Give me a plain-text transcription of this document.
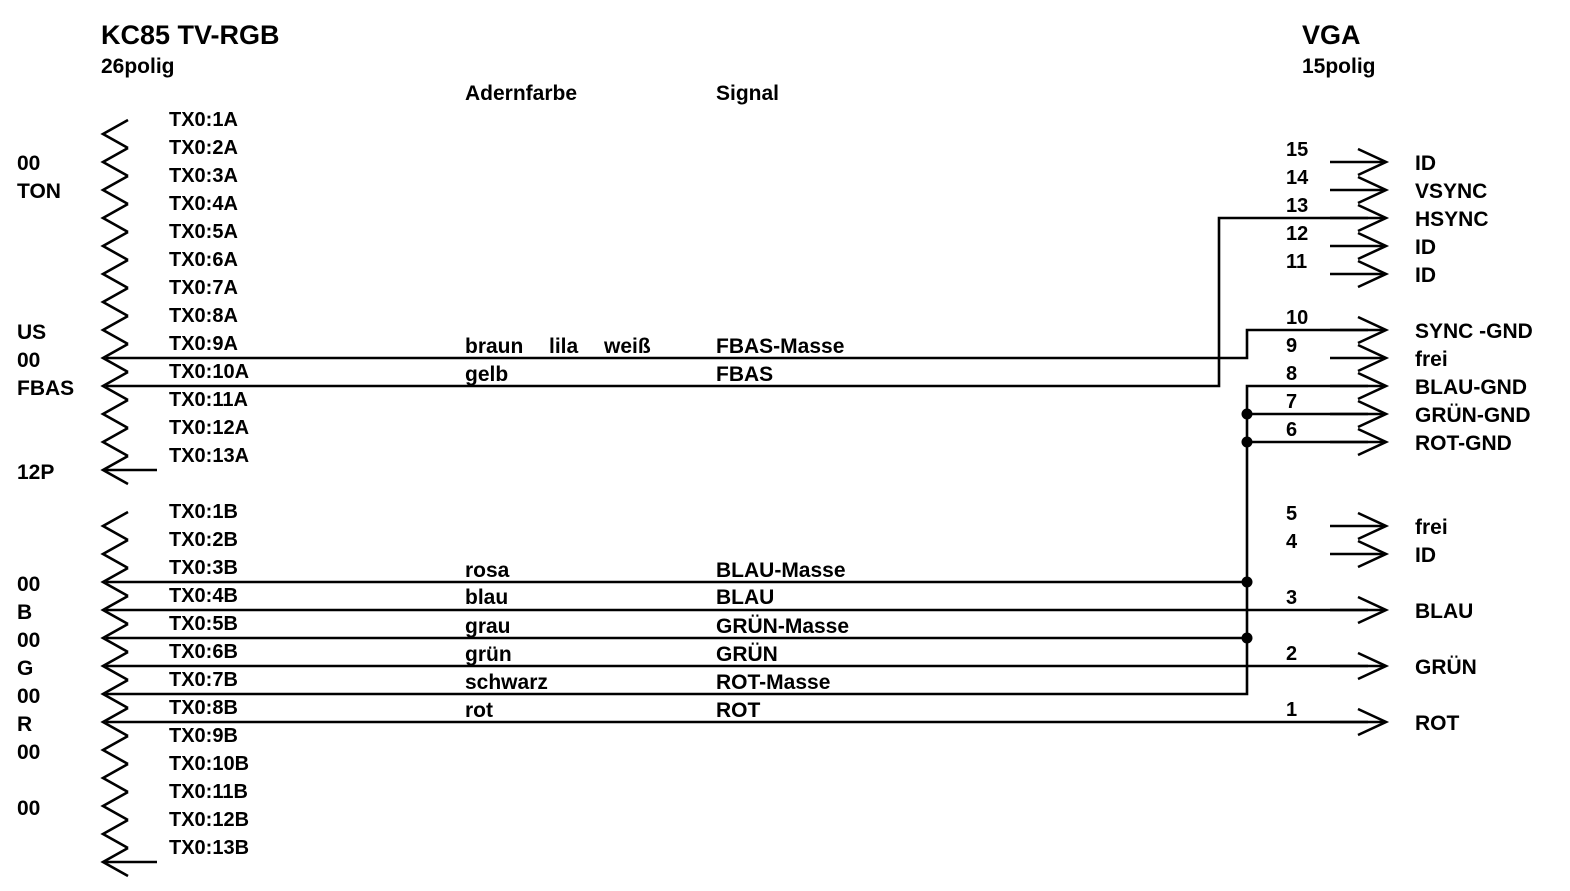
KC85 TV-RGB
26polig
VGA
15polig
Adernfarbe	Signal
TX0:1A
TX0:2A
TX0:3A
TX0:4A
TX0:5A
TX0:6A
TX0:7A
TX0:8A
TX0:9A
TX0:10A
TX0:11A
TX0:12A
TX0:13A
TX0:1B
TX0:2B
TX0:3B
TX0:4B
TX0:5B
TX0:6B
TX0:7B
TX0:8B
TX0:9B
TX0:10B
TX0:11B
TX0:12B
TX0:13B
15
ID
14
VSYNC
13
HSYNC
12
ID
11
ID
10
SYNC -GND
9
frei
8
BLAU-GND
7
GRÜN-GND
6
ROT-GND
5
frei
4
ID
3
BLAU
2
GRÜN
1
ROT
braun lila weiß	FBAS-Masse
gelb	FBAS
rosa	BLAU-Masse
blau	BLAU
grau	GRÜN-Masse
grün	GRÜN
schwarz	ROT-Masse
rot	ROT
00
TON
US
00
FBAS
12P
00
B
00
G
00
R
00
00
